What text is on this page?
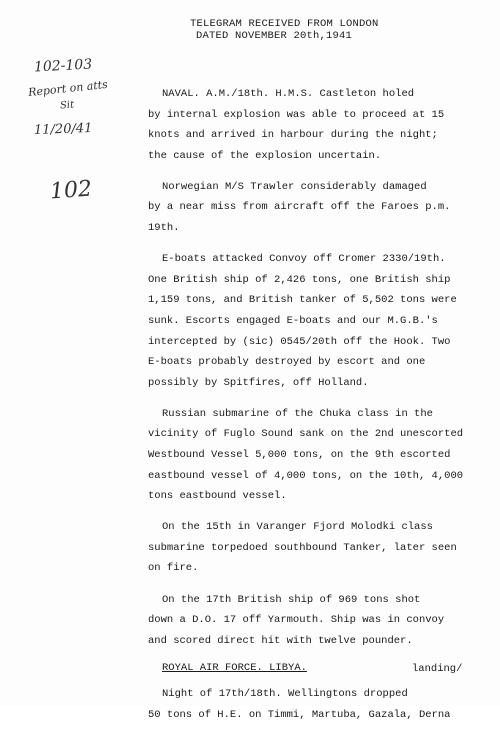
TELEGRAM RECEIVED FROM LONDON
DATED NOVEMBER 20th,1941
102-103
Report on atts
Sit
11/20/41
102
NAVAL. A.M./18th. H.M.S. Castleton holed
by internal explosion was able to proceed at 15
knots and arrived in harbour during the night;
the cause of the explosion uncertain.
Norwegian M/S Trawler considerably damaged
by a near miss from aircraft off the Faroes p.m.
19th.
E-boats attacked Convoy off Cromer 2330/19th.
One British ship of 2,426 tons, one British ship
1,159 tons, and British tanker of 5,502 tons were
sunk. Escorts engaged E-boats and our M.G.B.'s
intercepted by (sic) 0545/20th off the Hook. Two
E-boats probably destroyed by escort and one
possibly by Spitfires, off Holland.
Russian submarine of the Chuka class in the
vicinity of Fuglo Sound sank on the 2nd unescorted
Westbound Vessel 5,000 tons, on the 9th escorted
eastbound vessel of 4,000 tons, on the 10th, 4,000
tons eastbound vessel.
On the 15th in Varanger Fjord Molodki class
submarine torpedoed southbound Tanker, later seen
on fire.
On the 17th British ship of 969 tons shot
down a D.O. 17 off Yarmouth. Ship was in convoy
and scored direct hit with twelve pounder.
ROYAL AIR FORCE. LIBYA.
Night of 17th/18th. Wellingtons dropped
50 tons of H.E. on Timmi, Martuba, Gazala, Derna
landing/
